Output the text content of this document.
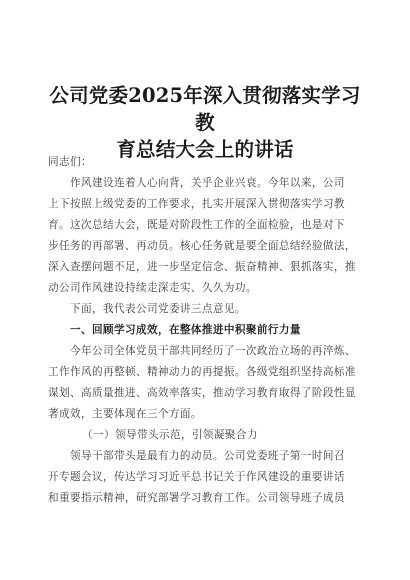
公司党委2025年深入贯彻落实学习教
育总结大会上的讲话
同志们：
作风建设连着人心向背，关乎企业兴衰。今年以来，公司
上下按照上级党委的工作要求，扎实开展深入贯彻落实学习教
育。这次总结大会，既是对阶段性工作的全面检验，也是对下
步任务的再部署、再动员。核心任务就是要全面总结经验做法，
深入查摆问题不足，进一步坚定信念、振奋精神、狠抓落实，推
动公司作风建设持续走深走实、久久为功。
下面，我代表公司党委讲三点意见。
一、回顾学习成效，在整体推进中积聚前行力量
今年公司全体党员干部共同经历了一次政治立场的再淬炼、
工作作风的再整顿、精神动力的再提振。各级党组织坚持高标准
谋划、高质量推进、高效率落实，推动学习教育取得了阶段性显
著成效，主要体现在三个方面。
（一）领导带头示范，引领凝聚合力
领导干部带头是最有力的动员。公司党委班子第一时间召
开专题会议，传达学习习近平总书记关于作风建设的重要讲话
和重要指示精神，研究部署学习教育工作。公司领导班子成员
